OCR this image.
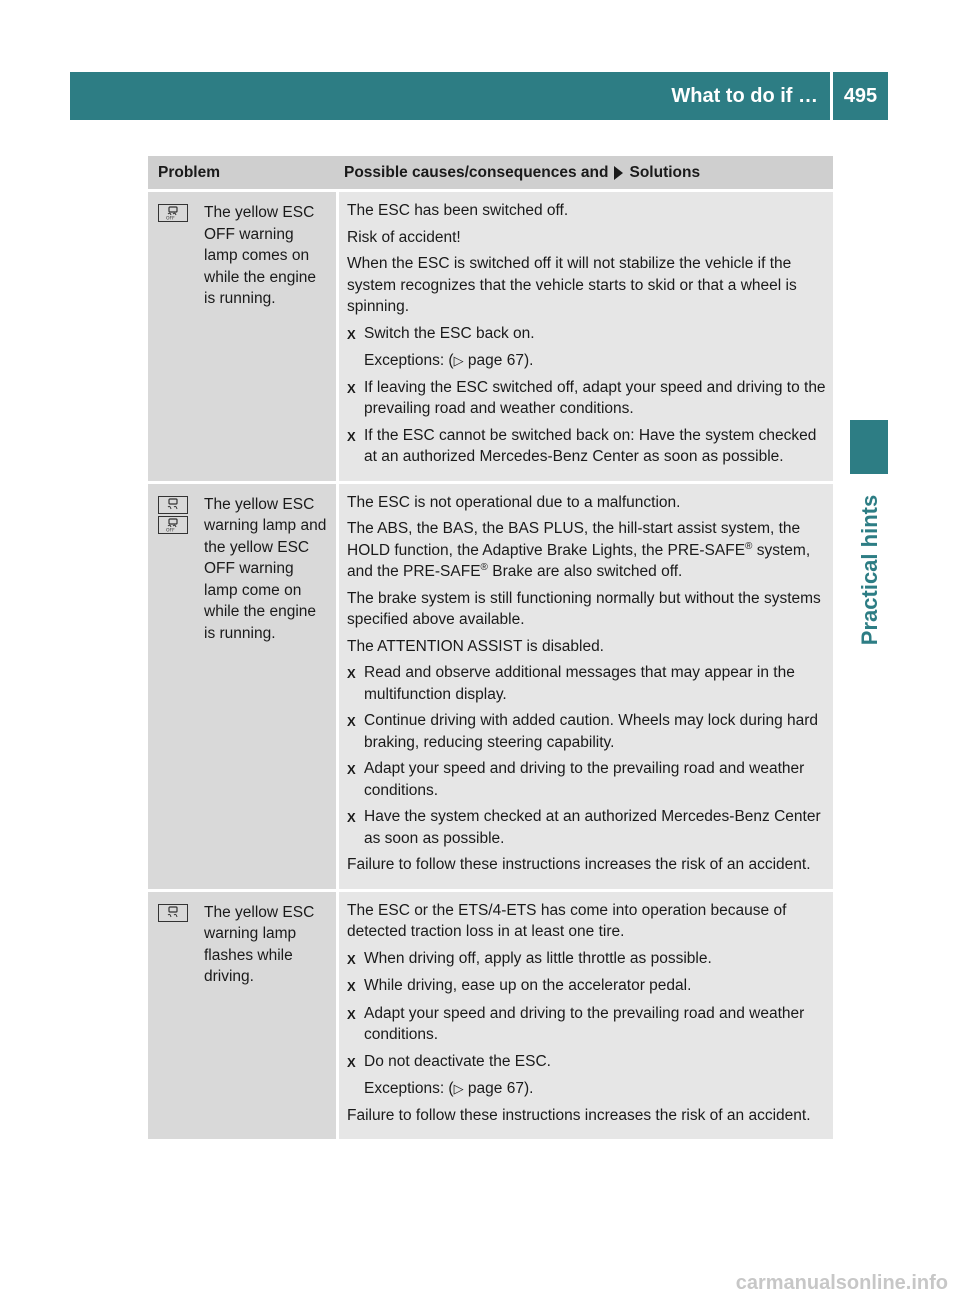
What to do if …	495
Practical hints
Problem	Possible causes/consequences and Solutions
OFF The yellow ESC OFF warning lamp comes on while the engine is running.
The ESC has been switched off.
Risk of accident!
When the ESC is switched off it will not stabilize the vehicle if the system recognizes that the vehicle starts to skid or that a wheel is spinning.
X Switch the ESC back on.
Exceptions: (▷ page 67).
X If leaving the ESC switched off, adapt your speed and driving to the prevailing road and weather conditions.
X If the ESC cannot be switched back on: Have the system checked at an authorized Mercedes-Benz Center as soon as possible.
OFF
The yellow ESC warning lamp and the yellow ESC OFF warning lamp come on while the engine is running.
The ESC is not operational due to a malfunction.
The ABS, the BAS, the BAS PLUS, the hill-start assist system, the HOLD function, the Adaptive Brake Lights, the PRE-SAFE® system, and the PRE-SAFE® Brake are also switched off.
The brake system is still functioning normally but without the systems specified above available.
The ATTENTION ASSIST is disabled.
X Read and observe additional messages that may appear in the multifunction display.
X Continue driving with added caution. Wheels may lock during hard braking, reducing steering capability.
X Adapt your speed and driving to the prevailing road and weather conditions.
X Have the system checked at an authorized Mercedes-Benz Center as soon as possible.
Failure to follow these instructions increases the risk of an accident.
The yellow ESC warning lamp flashes while driving.
The ESC or the ETS/4-ETS has come into operation because of detected traction loss in at least one tire.
X When driving off, apply as little throttle as possible.
X While driving, ease up on the accelerator pedal.
X Adapt your speed and driving to the prevailing road and weather conditions.
X Do not deactivate the ESC.
Exceptions: (▷ page 67).
Failure to follow these instructions increases the risk of an accident.
carmanualsonline.info
